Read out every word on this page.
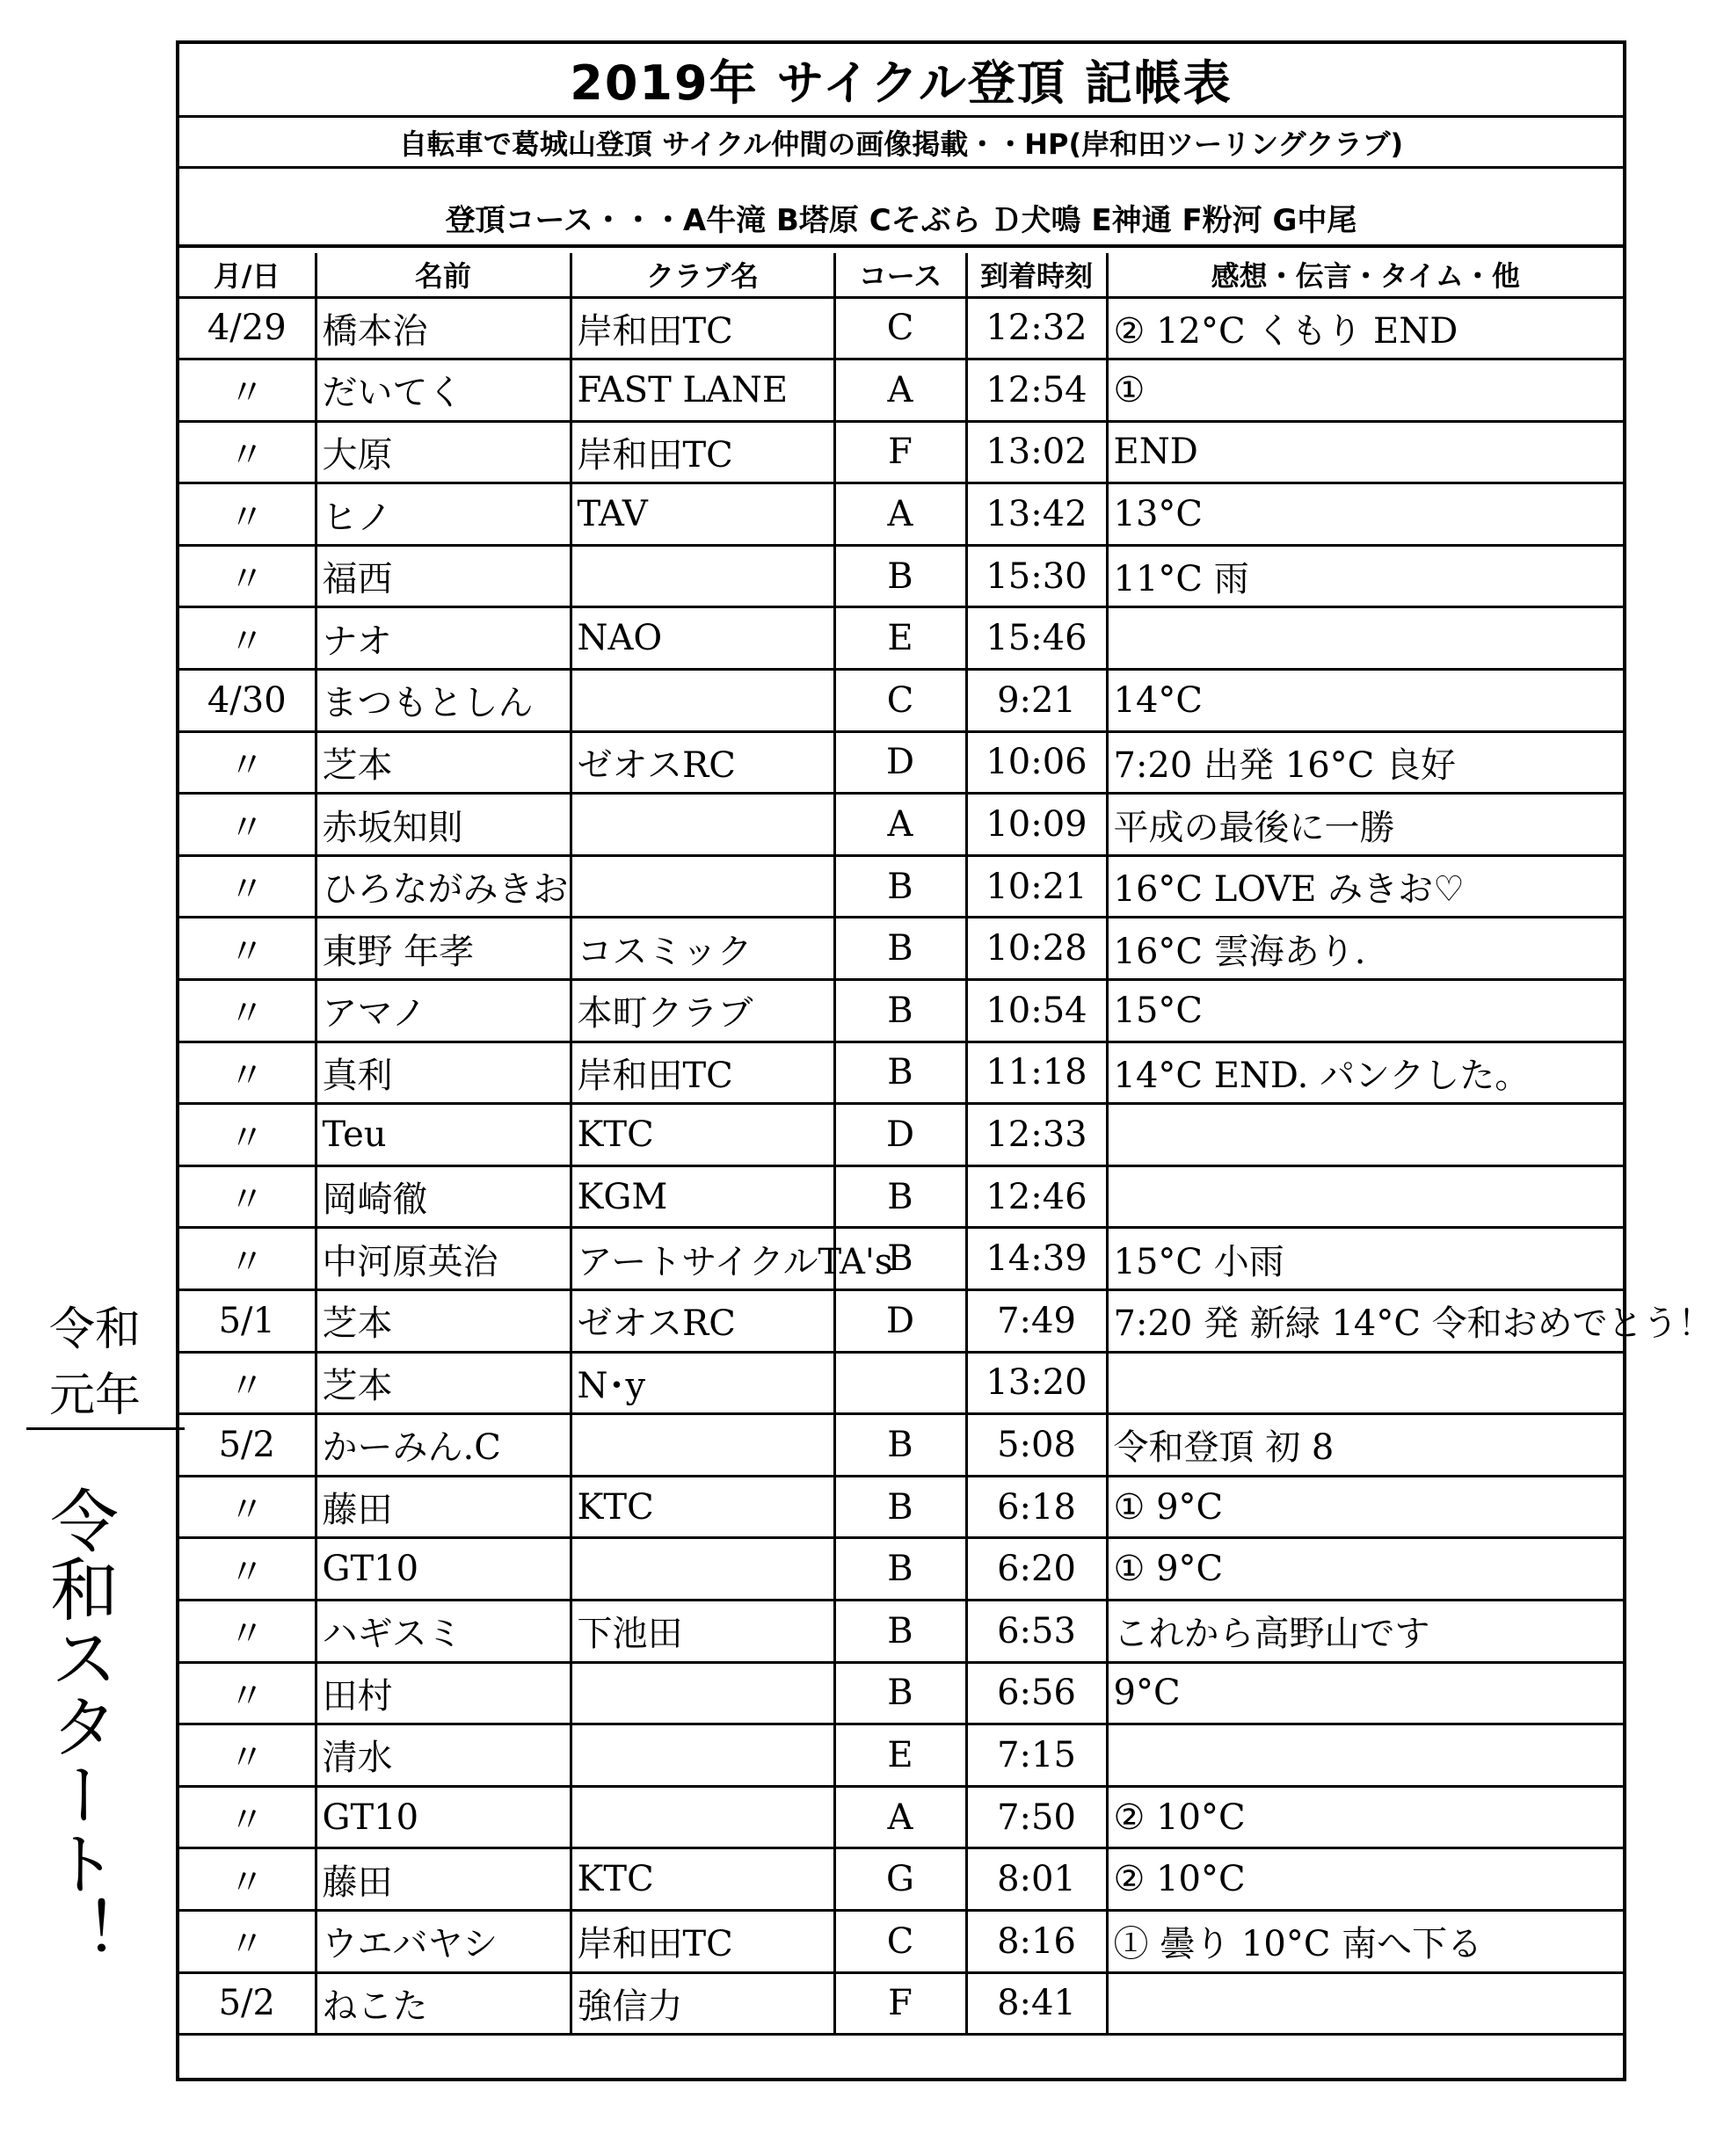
令和元年
令和スタート！
2019年 サイクル登頂 記帳表
自転車で葛城山登頂 サイクル仲間の画像掲載・・HP(岸和田ツーリングクラブ)
登頂コース・・・A牛滝 B塔原 Cそぶら Ｄ犬鳴 E神通 F粉河 G中尾
月/日	名前	クラブ名	コース	到着時刻	感想・伝言・タイム・他
4/29	橋本治	岸和田TC	C	12:32	② 12°C くもり END
〃	だいてく	FAST LANE	A	12:54	①
〃	大原	岸和田TC	F	13:02	END
〃	ヒノ	TAV	A	13:42	13°C
〃	福西		B	15:30	11°C 雨
〃	ナオ	NAO	E	15:46	
4/30	まつもとしん		C	9:21	14°C
〃	芝本	ゼオスRC	D	10:06	7:20 出発 16°C 良好
〃	赤坂知則		A	10:09	平成の最後に一勝
〃	ひろながみきお		B	10:21	16°C LOVE みきお♡
〃	東野 年孝	コスミック	B	10:28	16°C 雲海あり.
〃	アマノ	本町クラブ	B	10:54	15°C
〃	真利	岸和田TC	B	11:18	14°C END. パンクした。
〃	Teu	KTC	D	12:33	
〃	岡崎徹	KGM	B	12:46	
〃	中河原英治	アートサイクルTA's	B	14:39	15°C 小雨
5/1	芝本	ゼオスRC	D	7:49	7:20 発 新緑 14°C 令和おめでとう！
〃	芝本	N･y		13:20	
5/2	かーみん.C		B	5:08	令和登頂 初 8
〃	藤田	KTC	B	6:18	① 9°C
〃	GT10		B	6:20	① 9°C
〃	ハギスミ	下池田	B	6:53	これから高野山です
〃	田村		B	6:56	9°C
〃	清水		E	7:15	
〃	GT10		A	7:50	② 10°C
〃	藤田	KTC	G	8:01	② 10°C
〃	ウエバヤシ	岸和田TC	C	8:16	① 曇り 10°C 南へ下る
5/2	ねこた	強信力	F	8:41	
